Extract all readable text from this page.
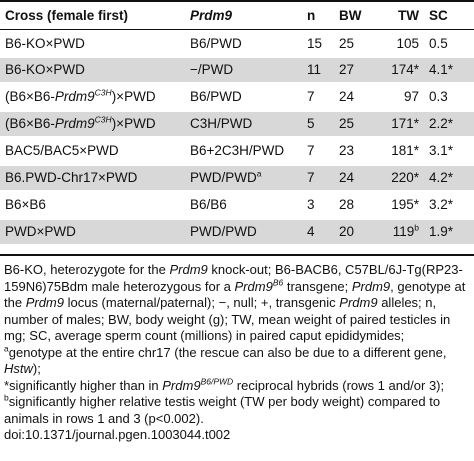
Cross (female first)	Prdm9	n	BW	TW SC
B6-KO×PWD	B6/PWD	15	25	105 0.5
B6-KO×PWD	−/PWD	11	27	174* 4.1*
$(B6\times B6-Prdm9^{C3H})\times PWD$	B6/PWD	7	24	97 0.3
$(B6\times B6-Prdm9^{C3H})\times PWD$	C3H/PWD	5	25	171* 2.2*
BAC5/BAC5×PWD	B6+2C3H/PWD 7	23	181* 3.1*
B6.PWD-Chr17×PWD	PWD/PWD$^a$	7	24	220* 4.2*
B6×B6	B6/B6	3	28	195* 3.2*
PWD×PWD	PWD/PWD	4	20	119$^b$ 1.9*

B6-KO, heterozygote for the Prdm9 knock-out; B6-BACB6, C57BL/6J-Tg(RP23-159N6)75Bdm male heterozygous for a $Prdm9^{B6}$ transgene; Prdm9, genotype at the Prdm9 locus (maternal/paternal); −, null; +, transgenic Prdm9 alleles; n, number of males; BW, body weight (g); TW, mean weight of paired testicles in mg; SC, average sperm count (millions) in paired caput epididymides;

$^a$genotype at the entire chr17 (the rescue can also be due to a different gene, Hstw);

*significantly higher than in $Prdm9^{B6/PWD}$ reciprocal hybrids (rows 1 and/or 3);

$^b$significantly higher relative testis weight (TW per body weight) compared to animals in rows 1 and 3 (p<0.002).

doi:10.1371/journal.pgen.1003044.t002
